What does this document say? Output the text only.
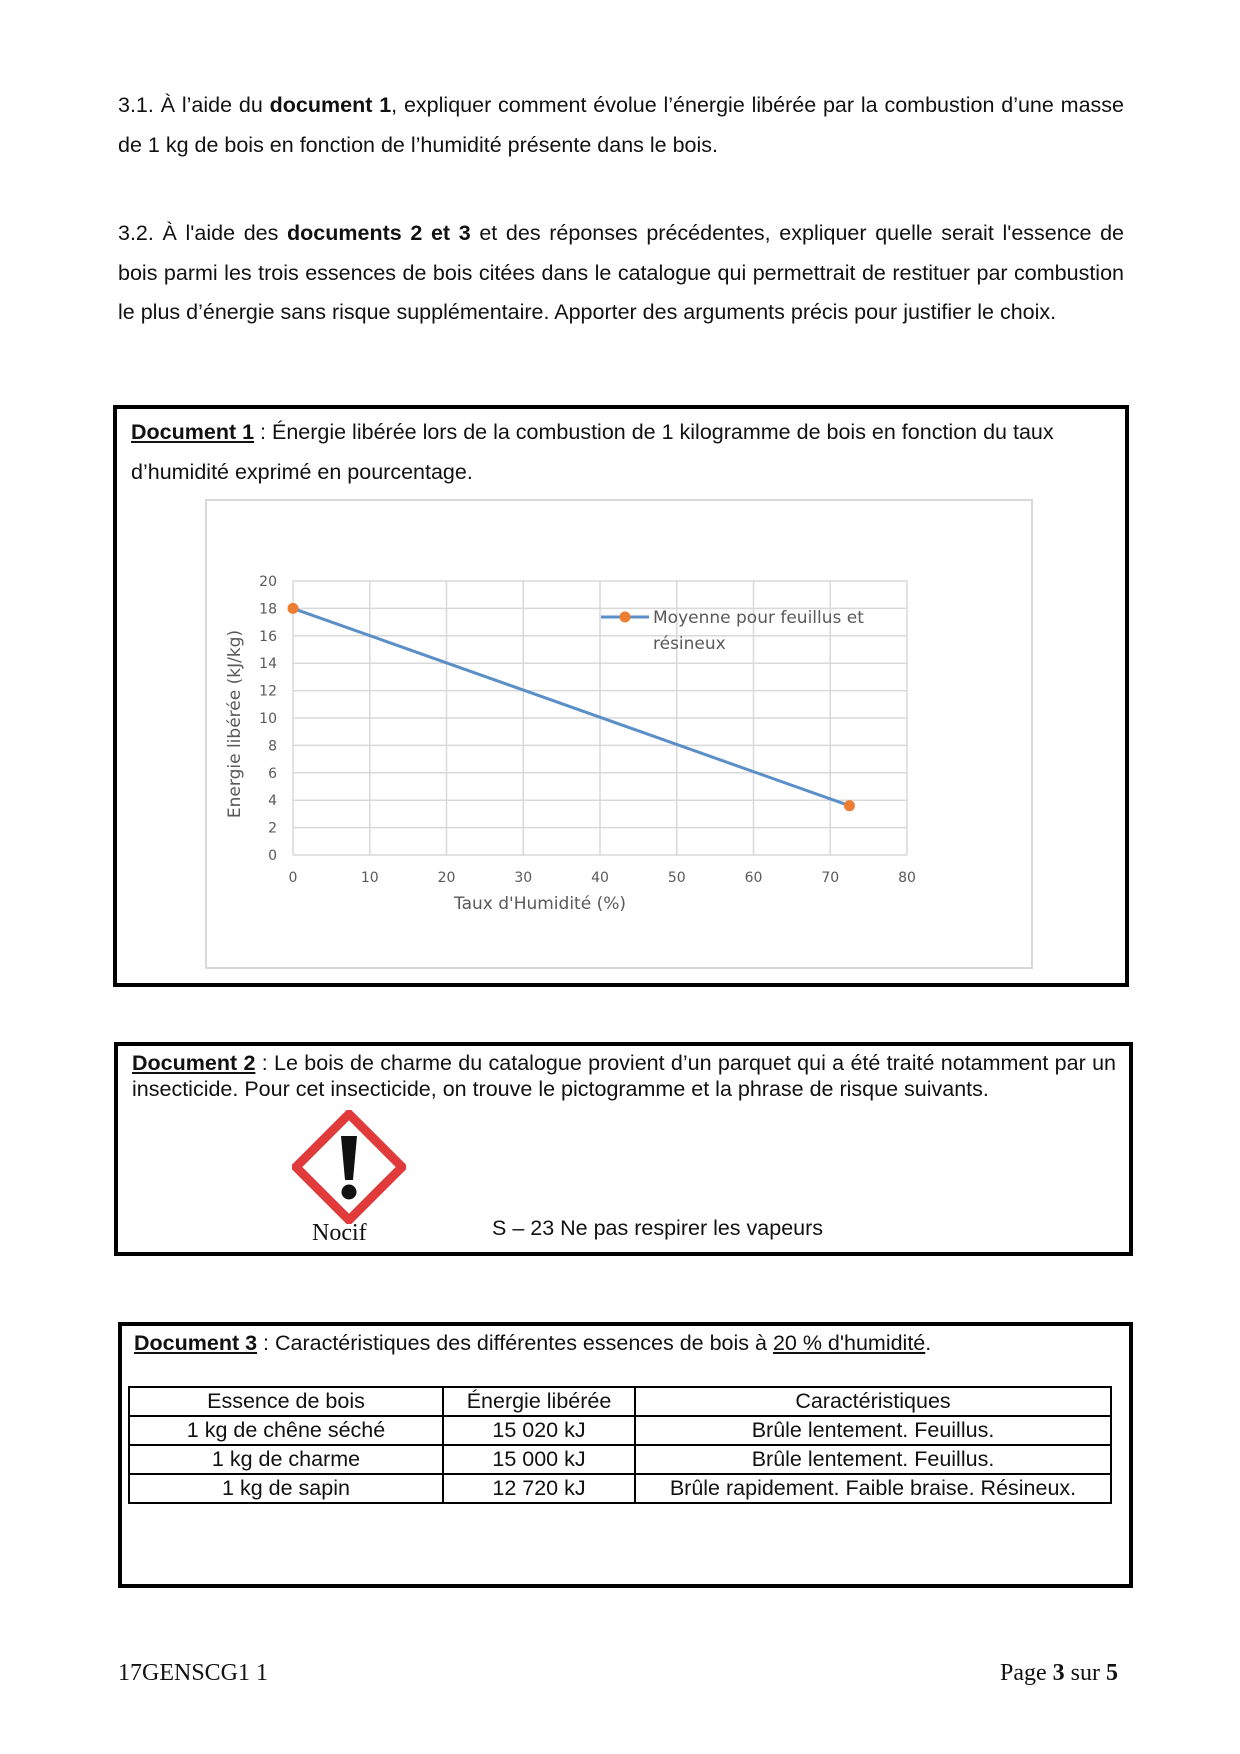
3.1. À l’aide du document 1, expliquer comment évolue l’énergie libérée par la combustion d’une masse de 1 kg de bois en fonction de l’humidité présente dans le bois.

3.2. À l'aide des documents 2 et 3 et des réponses précédentes, expliquer quelle serait l'essence de bois parmi les trois essences de bois citées dans le catalogue qui permettrait de restituer par combustion le plus d’énergie sans risque supplémentaire. Apporter des arguments précis pour justifier le choix.

Document 1 : Énergie libérée lors de la combustion de 1 kilogramme de bois en fonction du taux d’humidité exprimé en pourcentage.

0
2
4
6
8
10
12
14
16
18
20
0	10	20	30	40	50	60	70	80
Taux d'Humidité (%)
Energie libérée (kJ/kg)
Moyenne pour feuillus et
résineux

Document 2 : Le bois de charme du catalogue provient d’un parquet qui a été traité notamment par un insecticide. Pour cet insecticide, on trouve le pictogramme et la phrase de risque suivants.

Nocif	S – 23 Ne pas respirer les vapeurs

Document 3 : Caractéristiques des différentes essences de bois à 20 % d'humidité.

Essence de bois	Énergie libérée	Caractéristiques
1 kg de chêne séché	15 020 kJ	Brûle lentement. Feuillus.
1 kg de charme	15 000 kJ	Brûle lentement. Feuillus.
1 kg de sapin	12 720 kJ	Brûle rapidement. Faible braise. Résineux.
17GENSCG1 1	Page 3 sur 5
